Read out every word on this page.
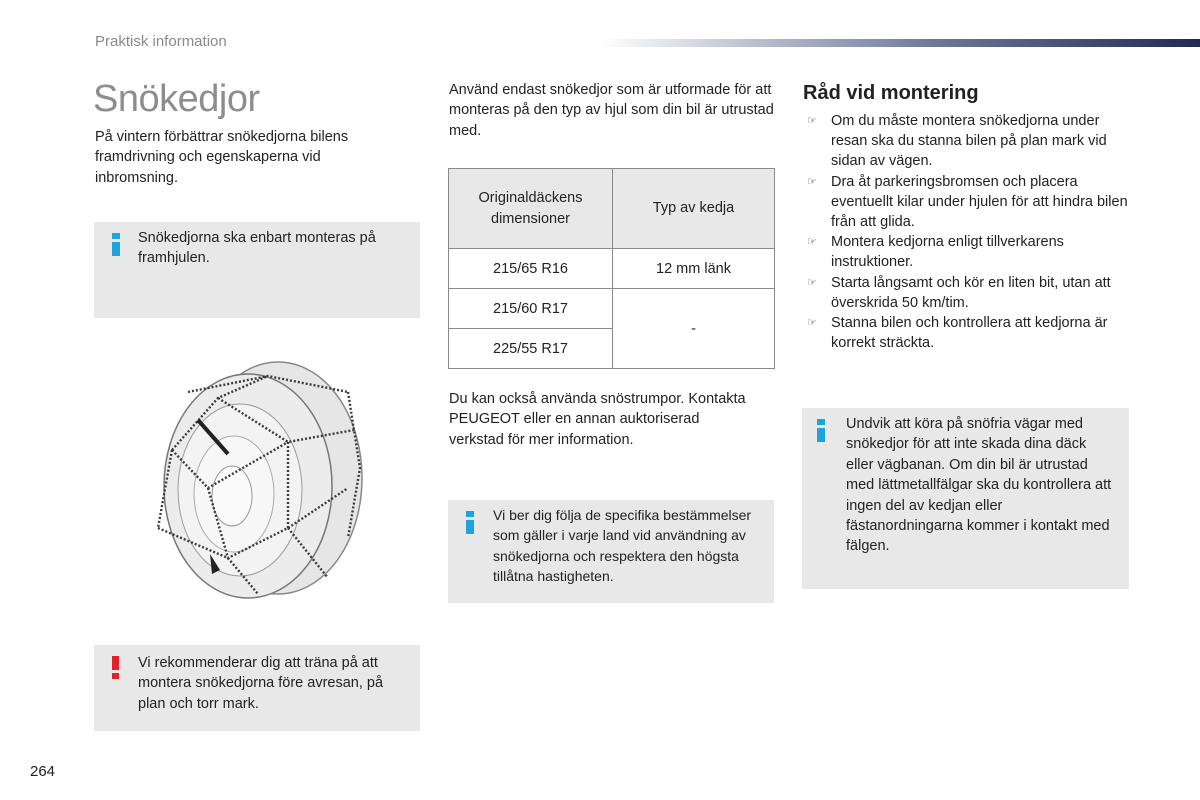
Praktisk information
Snökedjor

På vintern förbättrar snökedjorna bilens framdrivning och egenskaperna vid inbromsning.

Snökedjorna ska enbart monteras på framhjulen.
Vi rekommenderar dig att träna på att montera snökedjorna före avresan, på plan och torr mark.

Använd endast snökedjor som är utformade för att monteras på den typ av hjul som din bil är utrustad med.

Originaldäckens
dimensioner	Typ av kedja
215/65 R16	12 mm länk
215/60 R17	-
225/55 R17	

Du kan också använda snöstrumpor. Kontakta PEUGEOT eller en annan auktoriserad verkstad för mer information.

Vi ber dig följa de specifika bestämmelser som gäller i varje land vid användning av snökedjorna och respektera den högsta tillåtna hastigheten.
Råd vid montering
☞ Om du måste montera snökedjorna under resan ska du stanna bilen på plan mark vid sidan av vägen.
☞ Dra åt parkeringsbromsen och placera eventuellt kilar under hjulen för att hindra bilen från att glida.
☞ Montera kedjorna enligt tillverkarens instruktioner.
☞ Starta långsamt och kör en liten bit, utan att överskrida 50 km/tim.
☞ Stanna bilen och kontrollera att kedjorna är korrekt sträckta.
Undvik att köra på snöfria vägar med snökedjor för att inte skada dina däck eller vägbanan. Om din bil är utrustad med lättmetallfälgar ska du kontrollera att ingen del av kedjan eller fästanordningarna kommer i kontakt med fälgen.
264
